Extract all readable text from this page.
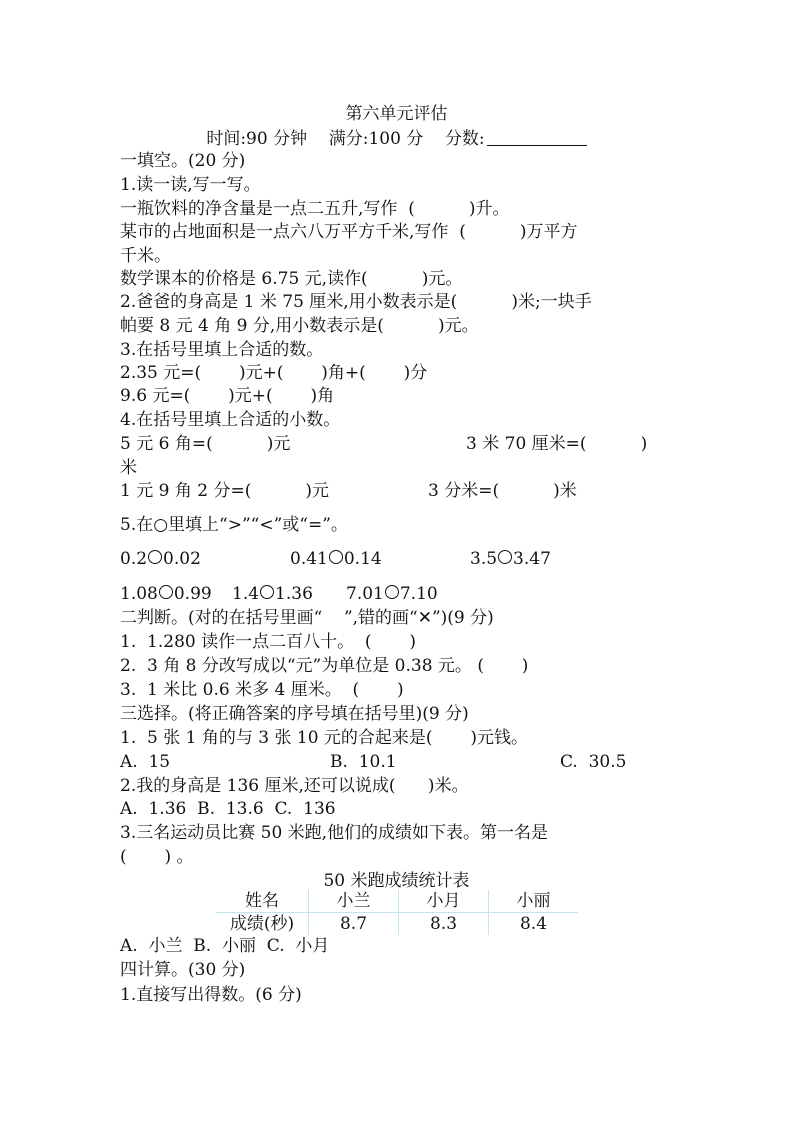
第六单元评估
时间:90 分钟 满分:100 分 分数:
一填空。(20 分)
1.读一读,写一写。
一瓶饮料的净含量是一点二五升,写作  (          )升。
某市的占地面积是一点六八万平方千米,写作  (          )万平方
千米。
数学课本的价格是 6.75 元,读作(          )元。
2.爸爸的身高是 1 米 75 厘米,用小数表示是(          )米;一块手
帕要 8 元 4 角 9 分,用小数表示是(          )元。
3.在括号里填上合适的数。
2.35 元=(       )元+(       )角+(       )分
9.6 元=(       )元+(       )角
4.在括号里填上合适的小数。
5 元 6 角=(          )元	3 米 70 厘米=(          )
米
1 元 9 角 2 分=(          )元	3 分米=(          )米
5.在○里填上“>”“<”或“=”。
0.2 0.02	0.41 0.14	3.5 3.47
1.08 0.99 1.4 1.36 7.01 7.10
二判断。(对的在括号里画“    ”,错的画“✕”)(9 分)
1.  1.280 读作一点二百八十。  (       )
2.  3 角 8 分改写成以“元”为单位是 0.38 元。 (       )
3.  1 米比 0.6 米多 4 厘米。  (       )
三选择。(将正确答案的序号填在括号里)(9 分)
1.  5 张 1 角的与 3 张 10 元的合起来是(       )元钱。
A.  15	B.  10.1	C.  30.5
2.我的身高是 136 厘米,还可以说成(      )米。
A.  1.36  B.  13.6  C.  136
3.三名运动员比赛 50 米跑,他们的成绩如下表。第一名是
(       ) 。
50 米跑成绩统计表
姓名	小兰	小月	小丽
成绩(秒)	8.7	8.3	8.4
A.  小兰  B.  小丽  C.  小月
四计算。(30 分)
1.直接写出得数。(6 分)
